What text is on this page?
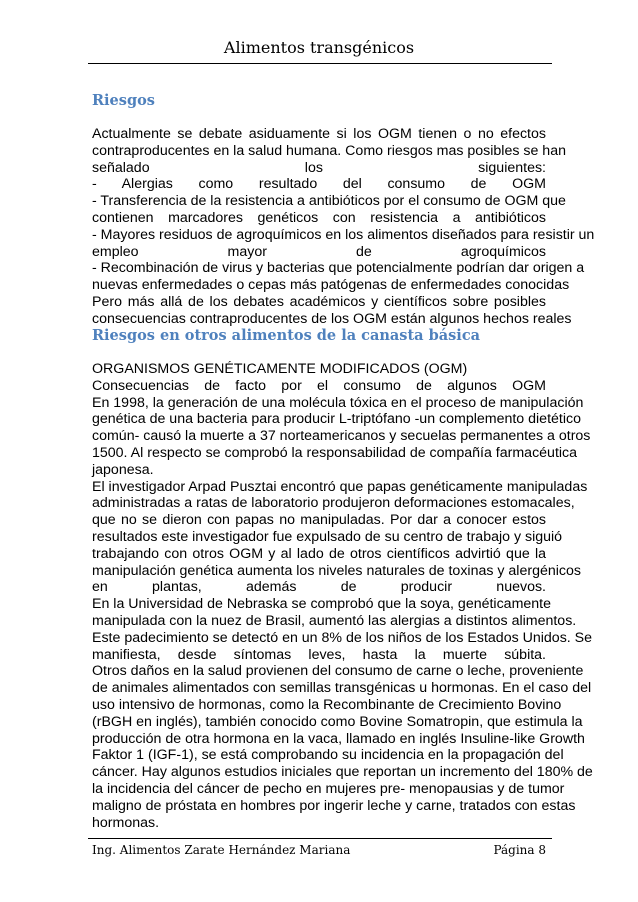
Alimentos transgénicos
Riesgos
Actualmente se debate asiduamente si los OGM tienen o no efectos
contraproducentes en la salud humana. Como riesgos mas posibles se han
señalado los siguientes:
- Alergias como resultado del consumo de OGM
- Transferencia de la resistencia a antibióticos por el consumo de OGM que
contienen marcadores genéticos con resistencia a antibióticos
- Mayores residuos de agroquímicos en los alimentos diseñados para resistir un
empleo mayor de agroquímicos
- Recombinación de virus y bacterias que potencialmente podrían dar origen a
nuevas enfermedades o cepas más patógenas de enfermedades conocidas
Pero más allá de los debates académicos y científicos sobre posibles
consecuencias contraproducentes de los OGM están algunos hechos reales
Riesgos en otros alimentos de la canasta básica
ORGANISMOS GENÉTICAMENTE MODIFICADOS (OGM)
Consecuencias de facto por el consumo de algunos OGM
En 1998, la generación de una molécula tóxica en el proceso de manipulación
genética de una bacteria para producir L-triptófano -un complemento dietético
común- causó la muerte a 37 norteamericanos y secuelas permanentes a otros
1500. Al respecto se comprobó la responsabilidad de compañía farmacéutica
japonesa.
El investigador Arpad Pusztai encontró que papas genéticamente manipuladas
administradas a ratas de laboratorio produjeron deformaciones estomacales,
que no se dieron con papas no manipuladas. Por dar a conocer estos
resultados este investigador fue expulsado de su centro de trabajo y siguió
trabajando con otros OGM y al lado de otros científicos advirtió que la
manipulación genética aumenta los niveles naturales de toxinas y alergénicos
en plantas, además de producir nuevos.
En la Universidad de Nebraska se comprobó que la soya, genéticamente
manipulada con la nuez de Brasil, aumentó las alergias a distintos alimentos.
Este padecimiento se detectó en un 8% de los niños de los Estados Unidos. Se
manifiesta, desde síntomas leves, hasta la muerte súbita.
Otros daños en la salud provienen del consumo de carne o leche, proveniente
de animales alimentados con semillas transgénicas u hormonas. En el caso del
uso intensivo de hormonas, como la Recombinante de Crecimiento Bovino
(rBGH en inglés), también conocido como Bovine Somatropin, que estimula la
producción de otra hormona en la vaca, llamado en inglés Insuline-like Growth
Faktor 1 (IGF-1), se está comprobando su incidencia en la propagación del
cáncer. Hay algunos estudios iniciales que reportan un incremento del 180% de
la incidencia del cáncer de pecho en mujeres pre- menopausias y de tumor
maligno de próstata en hombres por ingerir leche y carne, tratados con estas
hormonas.
Ing. Alimentos Zarate Hernández Mariana	Página 8
